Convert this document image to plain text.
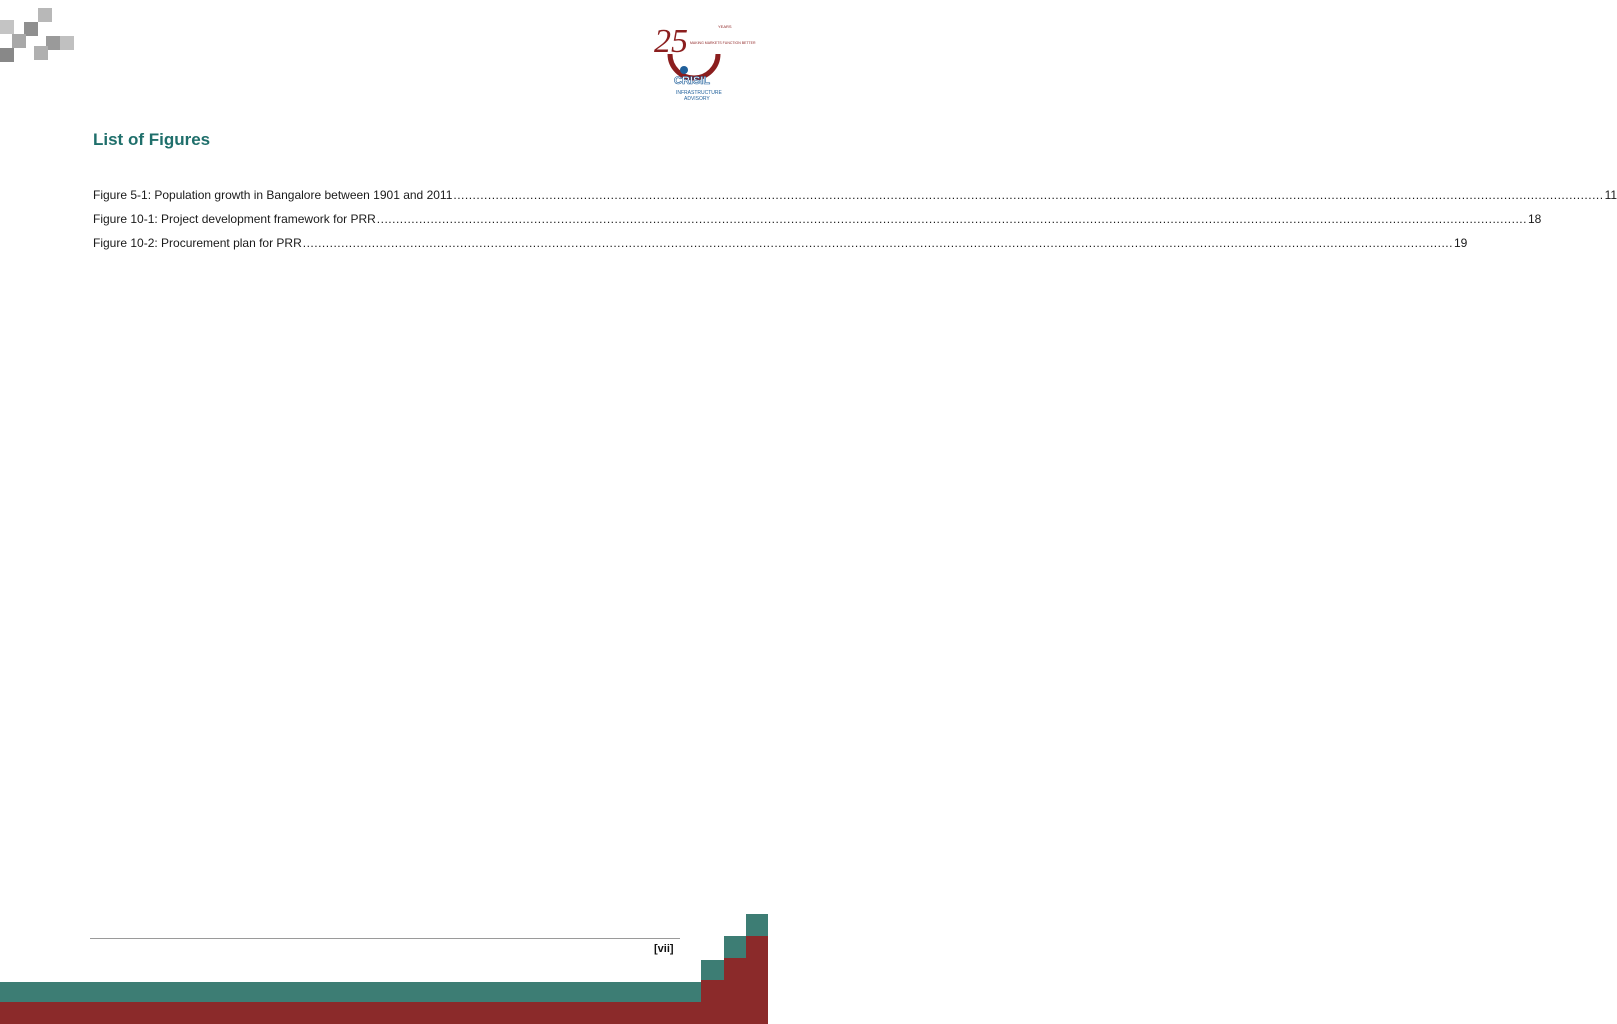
25	YEARS
MAKING MARKETS FUNCTION BETTER
CRISIL
INFRASTRUCTURE
ADVISORY
List of Figures
Figure 5-1: Population growth in Bangalore between 1901 and 2011 ............................................................................................................................................................................................................................................................................................................ 11
Figure 10-1: Project development framework for PRR ............................................................................................................................................................................................................................................................................................................ 18
Figure 10-2: Procurement plan for PRR ............................................................................................................................................................................................................................................................................................................ 19
[vii]
